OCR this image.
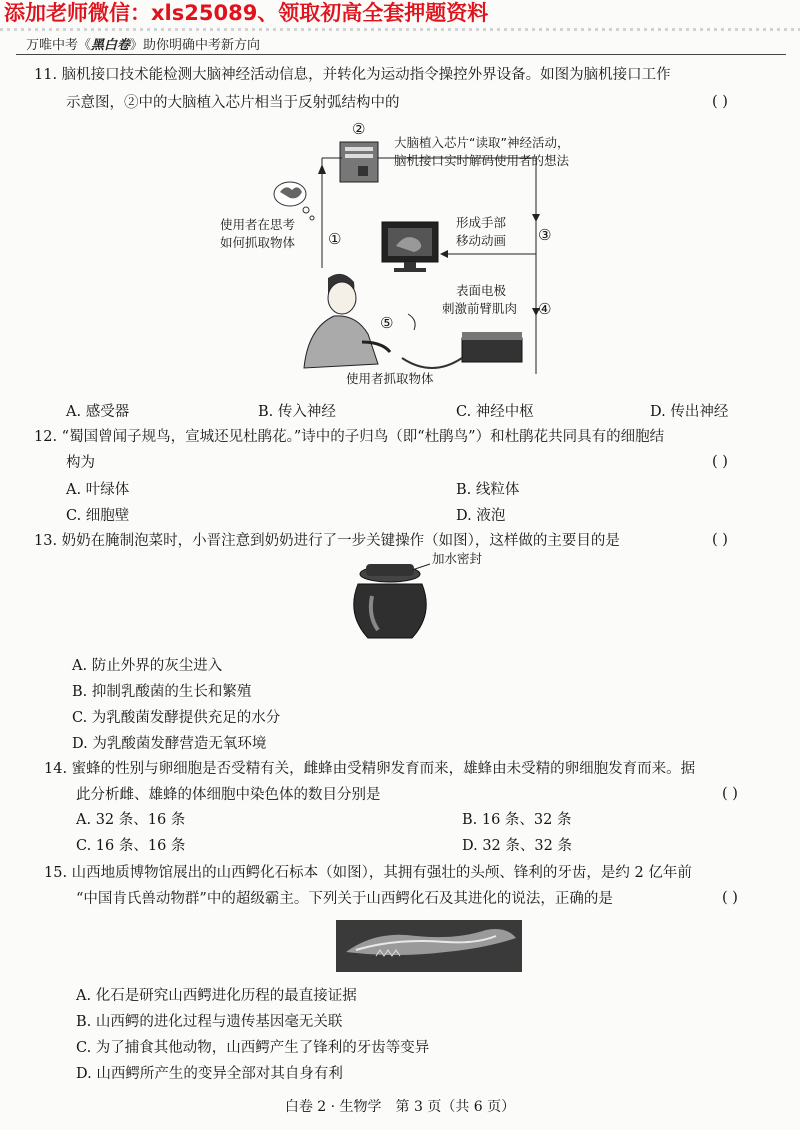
添加老师微信：xls25089、领取初高全套押题资料
万唯中考《黑白卷》助你明确中考新方向
11. 脑机接口技术能检测大脑神经活动信息，并转化为运动指令操控外界设备。如图为脑机接口工作
示意图，②中的大脑植入芯片相当于反射弧结构中的	( )
②
大脑植入芯片“读取”神经活动，
脑机接口实时解码使用者的想法
使用者在思考
如何抓取物体 ①
形成手部
移动动画 ③
表面电极
刺激前臂肌肉 ④
⑤
使用者抓取物体
A. 感受器	B. 传入神经	C. 神经中枢	D. 传出神经
12. “蜀国曾闻子规鸟，宣城还见杜鹃花。”诗中的子归鸟（即“杜鹃鸟”）和杜鹃花共同具有的细胞结
构为	( )
A. 叶绿体	B. 线粒体
C. 细胞壁	D. 液泡
13. 奶奶在腌制泡菜时，小晋注意到奶奶进行了一步关键操作（如图），这样做的主要目的是	( )
加水密封
A. 防止外界的灰尘进入
B. 抑制乳酸菌的生长和繁殖
C. 为乳酸菌发酵提供充足的水分
D. 为乳酸菌发酵营造无氧环境
14. 蜜蜂的性别与卵细胞是否受精有关，雌蜂由受精卵发育而来，雄蜂由未受精的卵细胞发育而来。据
此分析雌、雄蜂的体细胞中染色体的数目分别是	( )
A. 32 条、16 条	B. 16 条、32 条
C. 16 条、16 条	D. 32 条、32 条
15. 山西地质博物馆展出的山西鳄化石标本（如图），其拥有强壮的头颅、锋利的牙齿，是约 2 亿年前
“中国肯氏兽动物群”中的超级霸主。下列关于山西鳄化石及其进化的说法，正确的是	( )
A. 化石是研究山西鳄进化历程的最直接证据
B. 山西鳄的进化过程与遗传基因毫无关联
C. 为了捕食其他动物，山西鳄产生了锋利的牙齿等变异
D. 山西鳄所产生的变异全部对其自身有利
白卷 2 · 生物学　第 3 页（共 6 页）
